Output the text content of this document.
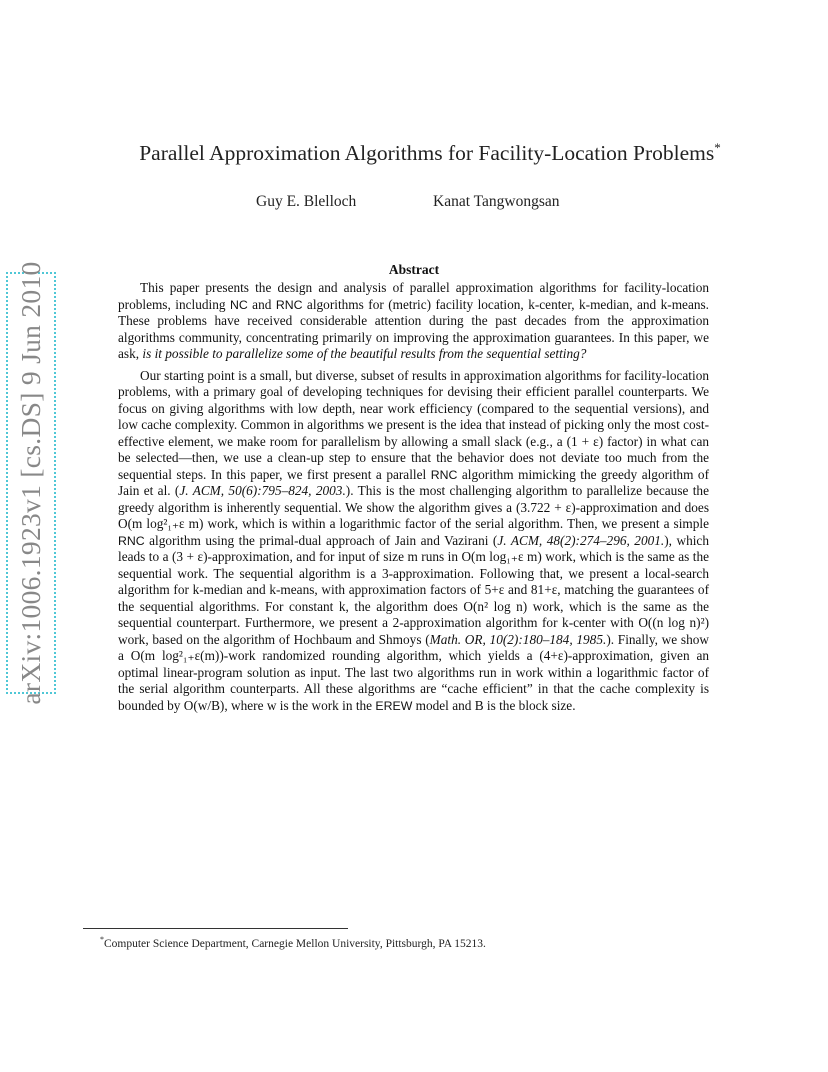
arXiv:1006.1923v1 [cs.DS] 9 Jun 2010
Parallel Approximation Algorithms for Facility-Location Problems*
Guy E. Blelloch	Kanat Tangwongsan
Abstract

This paper presents the design and analysis of parallel approximation algorithms for facility-location problems, including NC and RNC algorithms for (metric) facility location, k-center, k-median, and k-means. These problems have received considerable attention during the past decades from the approximation algorithms community, concentrating primarily on improving the approximation guarantees. In this paper, we ask, is it possible to parallelize some of the beautiful results from the sequential setting?

Our starting point is a small, but diverse, subset of results in approximation algorithms for facility-location problems, with a primary goal of developing techniques for devising their efficient parallel counterparts. We focus on giving algorithms with low depth, near work efficiency (compared to the sequential versions), and low cache complexity. Common in algorithms we present is the idea that instead of picking only the most cost-effective element, we make room for parallelism by allowing a small slack (e.g., a (1 + ε) factor) in what can be selected—then, we use a clean-up step to ensure that the behavior does not deviate too much from the sequential steps. In this paper, we first present a parallel RNC algorithm mimicking the greedy algorithm of Jain et al. (J. ACM, 50(6):795–824, 2003.). This is the most challenging algorithm to parallelize because the greedy algorithm is inherently sequential. We show the algorithm gives a (3.722 + ε)-approximation and does O(m log²₁₊ε m) work, which is within a logarithmic factor of the serial algorithm. Then, we present a simple RNC algorithm using the primal-dual approach of Jain and Vazirani (J. ACM, 48(2):274–296, 2001.), which leads to a (3 + ε)-approximation, and for input of size m runs in O(m log₁₊ε m) work, which is the same as the sequential work. The sequential algorithm is a 3-approximation. Following that, we present a local-search algorithm for k-median and k-means, with approximation factors of 5+ε and 81+ε, matching the guarantees of the sequential algorithms. For constant k, the algorithm does O(n² log n) work, which is the same as the sequential counterpart. Furthermore, we present a 2-approximation algorithm for k-center with O((n log n)²) work, based on the algorithm of Hochbaum and Shmoys (Math. OR, 10(2):180–184, 1985.). Finally, we show a O(m log²₁₊ε(m))-work randomized rounding algorithm, which yields a (4+ε)-approximation, given an optimal linear-program solution as input. The last two algorithms run in work within a logarithmic factor of the serial algorithm counterparts. All these algorithms are “cache efficient” in that the cache complexity is bounded by O(w/B), where w is the work in the EREW model and B is the block size.

*Computer Science Department, Carnegie Mellon University, Pittsburgh, PA 15213.
